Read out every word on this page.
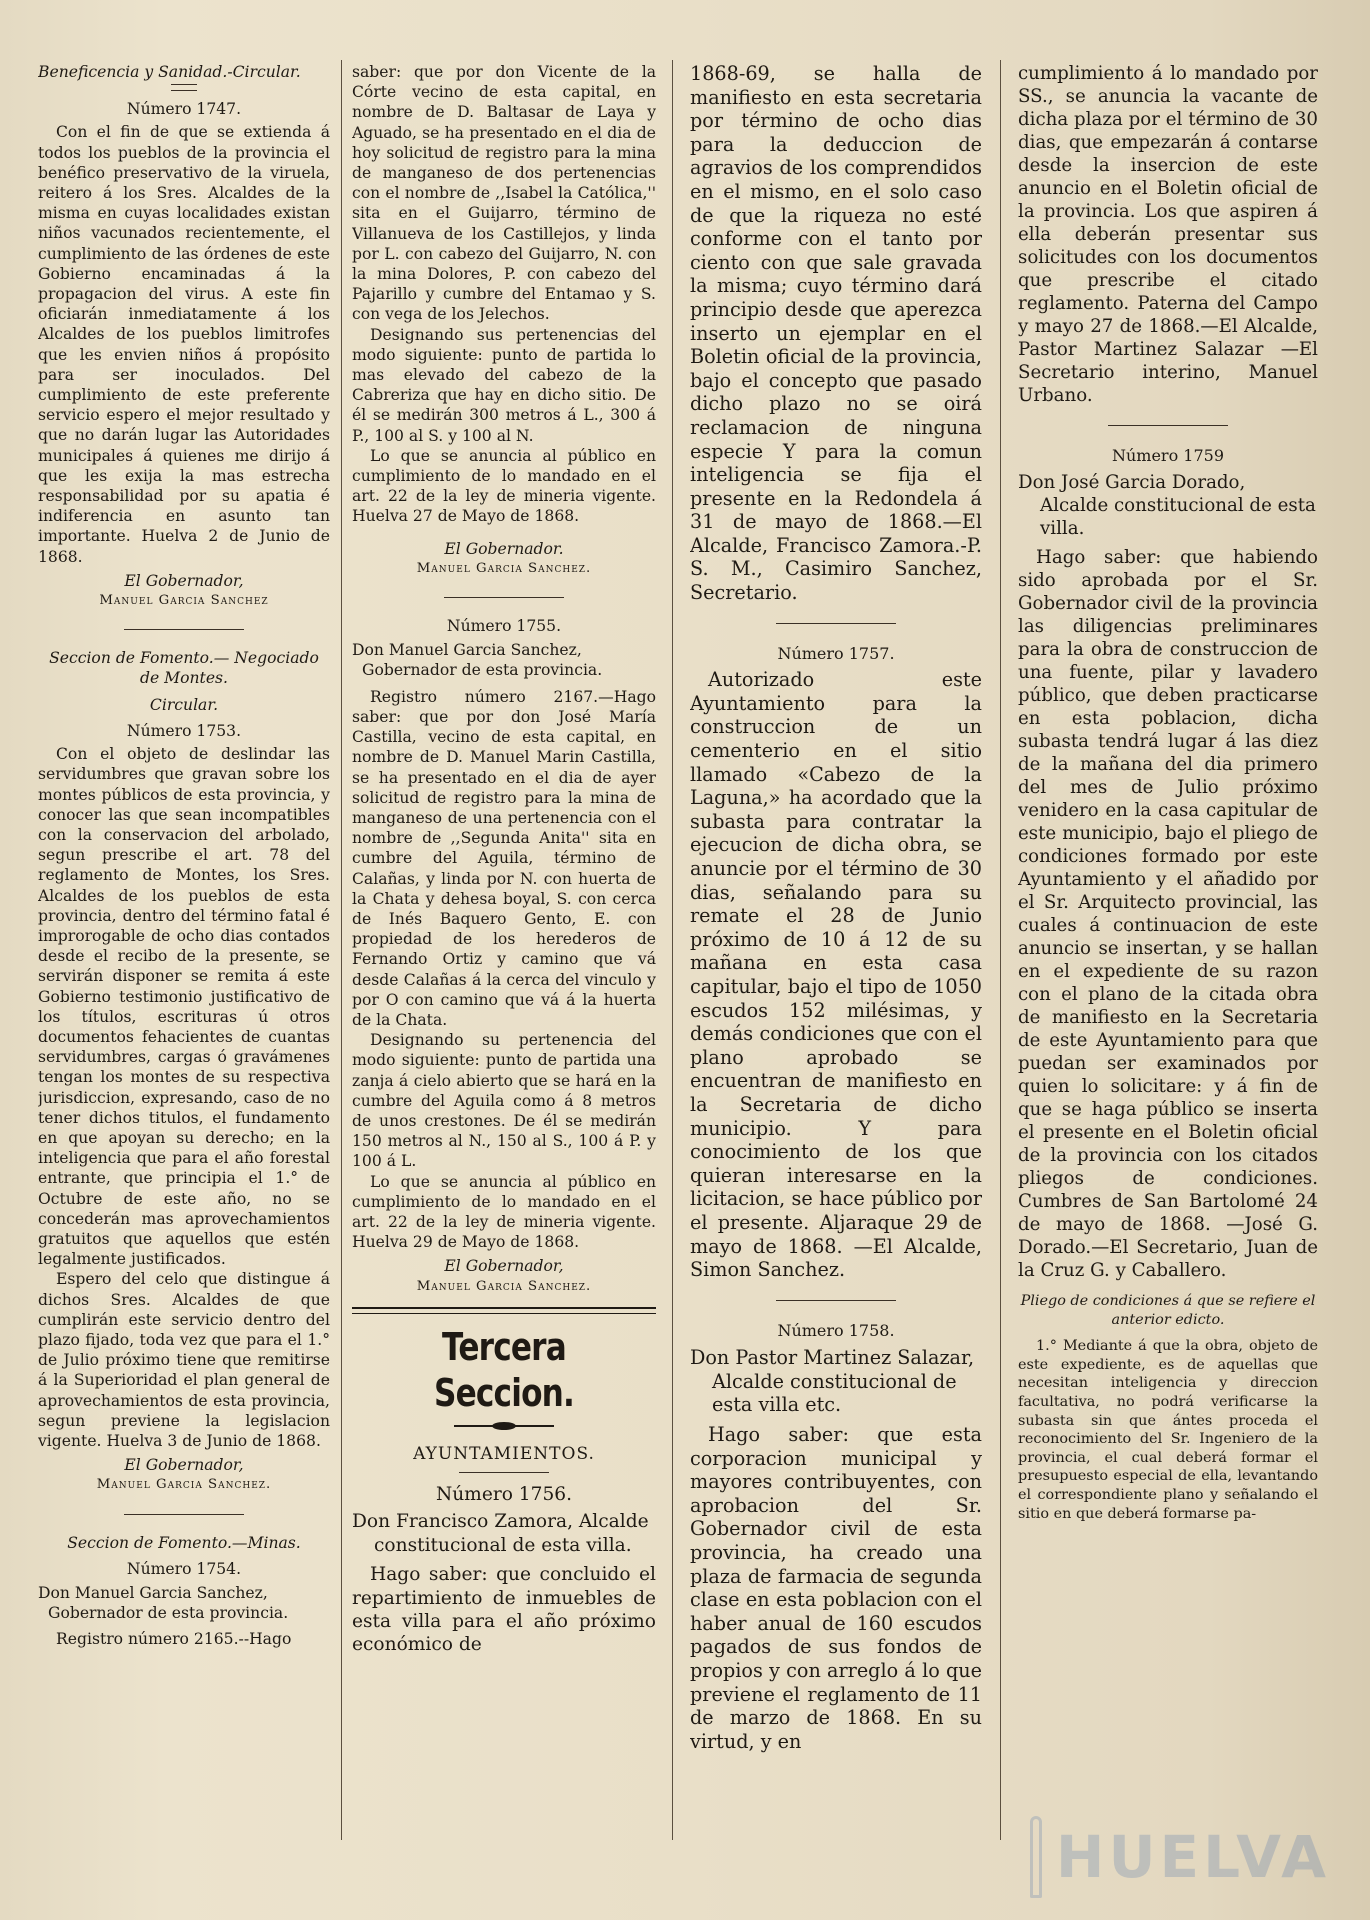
Beneficencia y Sanidad.-Circular.

Número 1747.

Con el fin de que se extienda á todos los pueblos de la provincia el benéfico preservativo de la viruela, reitero á los Sres. Alcaldes de la misma en cuyas localidades existan niños vacunados recientemente, el cumplimiento de las órdenes de este Gobierno encaminadas á la propagacion del virus. A este fin oficiarán inmediatamente á los Alcaldes de los pueblos limitrofes que les envien niños á propósito para ser inoculados. Del cumplimiento de este preferente servicio espero el mejor resultado y que no darán lugar las Autoridades municipales á quienes me dirijo á que les exija la mas estrecha responsabilidad por su apatia é indiferencia en asunto tan importante. Huelva 2 de Junio de 1868.

El Gobernador,

Manuel Garcia Sanchez

Seccion de Fomento.— Negociado de Montes.

Circular.

Número 1753.

Con el objeto de deslindar las servidumbres que gravan sobre los montes públicos de esta provincia, y conocer las que sean incompatibles con la conservacion del arbolado, segun prescribe el art. 78 del reglamento de Montes, los Sres. Alcaldes de los pueblos de esta provincia, dentro del término fatal é improrogable de ocho dias contados desde el recibo de la presente, se servirán disponer se remita á este Gobierno testimonio justificativo de los títulos, escrituras ú otros documentos fehacientes de cuantas servidumbres, cargas ó gravámenes tengan los montes de su respectiva jurisdiccion, expresando, caso de no tener dichos titulos, el fundamento en que apoyan su derecho; en la inteligencia que para el año forestal entrante, que principia el 1.° de Octubre de este año, no se concederán mas aprovechamientos gratuitos que aquellos que estén legalmente justificados.

Espero del celo que distingue á dichos Sres. Alcaldes de que cumplirán este servicio dentro del plazo fijado, toda vez que para el 1.° de Julio próximo tiene que remitirse á la Superioridad el plan general de aprovechamientos de esta provincia, segun previene la legislacion vigente. Huelva 3 de Junio de 1868.

El Gobernador,

Manuel Garcia Sanchez.

Seccion de Fomento.—Minas.

Número 1754.

Don Manuel Garcia Sanchez, Gobernador de esta provincia.

Registro número 2165.--Hago

saber: que por don Vicente de la Córte vecino de esta capital, en nombre de D. Baltasar de Laya y Aguado, se ha presentado en el dia de hoy solicitud de registro para la mina de manganeso de dos pertenencias con el nombre de ,,Isabel la Católica,'' sita en el Guijarro, término de Villanueva de los Castillejos, y linda por L. con cabezo del Guijarro, N. con la mina Dolores, P. con cabezo del Pajarillo y cumbre del Entamao y S. con vega de los Jelechos.

Designando sus pertenencias del modo siguiente: punto de partida lo mas elevado del cabezo de la Cabreriza que hay en dicho sitio. De él se medirán 300 metros á L., 300 á P., 100 al S. y 100 al N.

Lo que se anuncia al público en cumplimiento de lo mandado en el art. 22 de la ley de mineria vigente. Huelva 27 de Mayo de 1868.

El Gobernador.

Manuel Garcia Sanchez.

Número 1755.

Don Manuel Garcia Sanchez, Gobernador de esta provincia.

Registro número 2167.—Hago saber: que por don José María Castilla, vecino de esta capital, en nombre de D. Manuel Marin Castilla, se ha presentado en el dia de ayer solicitud de registro para la mina de manganeso de una pertenencia con el nombre de ,,Segunda Anita'' sita en cumbre del Aguila, término de Calañas, y linda por N. con huerta de la Chata y dehesa boyal, S. con cerca de Inés Baquero Gento, E. con propiedad de los herederos de Fernando Ortiz y camino que vá desde Calañas á la cerca del vinculo y por O con camino que vá á la huerta de la Chata.

Designando su pertenencia del modo siguiente: punto de partida una zanja á cielo abierto que se hará en la cumbre del Aguila como á 8 metros de unos crestones. De él se medirán 150 metros al N., 150 al S., 100 á P. y 100 á L.

Lo que se anuncia al público en cumplimiento de lo mandado en el art. 22 de la ley de mineria vigente. Huelva 29 de Mayo de 1868.

El Gobernador,

Manuel Garcia Sanchez.

Tercera Seccion.

AYUNTAMIENTOS.

Número 1756.

Don Francisco Zamora, Alcalde constitucional de esta villa.

Hago saber: que concluido el repartimiento de inmuebles de esta villa para el año próximo económico de

1868-69, se halla de manifiesto en esta secretaria por término de ocho dias para la deduccion de agravios de los comprendidos en el mismo, en el solo caso de que la riqueza no esté conforme con el tanto por ciento con que sale gravada la misma; cuyo término dará principio desde que aperezca inserto un ejemplar en el Boletin oficial de la provincia, bajo el concepto que pasado dicho plazo no se oirá reclamacion de ninguna especie Y para la comun inteligencia se fija el presente en la Redondela á 31 de mayo de 1868.—El Alcalde, Francisco Zamora.-P. S. M., Casimiro Sanchez, Secretario.

Número 1757.

Autorizado este Ayuntamiento para la construccion de un cementerio en el sitio llamado «Cabezo de la Laguna,» ha acordado que la subasta para contratar la ejecucion de dicha obra, se anuncie por el término de 30 dias, señalando para su remate el 28 de Junio próximo de 10 á 12 de su mañana en esta casa capitular, bajo el tipo de 1050 escudos 152 milésimas, y demás condiciones que con el plano aprobado se encuentran de manifiesto en la Secretaria de dicho municipio. Y para conocimiento de los que quieran interesarse en la licitacion, se hace público por el presente. Aljaraque 29 de mayo de 1868. —El Alcalde, Simon Sanchez.

Número 1758.

Don Pastor Martinez Salazar, Alcalde constitucional de esta villa etc.

Hago saber: que esta corporacion municipal y mayores contribuyentes, con aprobacion del Sr. Gobernador civil de esta provincia, ha creado una plaza de farmacia de segunda clase en esta poblacion con el haber anual de 160 escudos pagados de sus fondos de propios y con arreglo á lo que previene el reglamento de 11 de marzo de 1868. En su virtud, y en

cumplimiento á lo mandado por SS., se anuncia la vacante de dicha plaza por el término de 30 dias, que empezarán á contarse desde la insercion de este anuncio en el Boletin oficial de la provincia. Los que aspiren á ella deberán presentar sus solicitudes con los documentos que prescribe el citado reglamento. Paterna del Campo y mayo 27 de 1868.—El Alcalde, Pastor Martinez Salazar —El Secretario interino, Manuel Urbano.

Número 1759

Don José Garcia Dorado, Alcalde constitucional de esta villa.

Hago saber: que habiendo sido aprobada por el Sr. Gobernador civil de la provincia las diligencias preliminares para la obra de construccion de una fuente, pilar y lavadero público, que deben practicarse en esta poblacion, dicha subasta tendrá lugar á las diez de la mañana del dia primero del mes de Julio próximo venidero en la casa capitular de este municipio, bajo el pliego de condiciones formado por este Ayuntamiento y el añadido por el Sr. Arquitecto provincial, las cuales á continuacion de este anuncio se insertan, y se hallan en el expediente de su razon con el plano de la citada obra de manifiesto en la Secretaria de este Ayuntamiento para que puedan ser examinados por quien lo solicitare: y á fin de que se haga público se inserta el presente en el Boletin oficial de la provincia con los citados pliegos de condiciones. Cumbres de San Bartolomé 24 de mayo de 1868. —José G. Dorado.—El Secretario, Juan de la Cruz G. y Caballero.

Pliego de condiciones á que se refiere el anterior edicto.

1.° Mediante á que la obra, objeto de este expediente, es de aquellas que necesitan inteligencia y direccion facultativa, no podrá verificarse la subasta sin que ántes proceda el reconocimiento del Sr. Ingeniero de la provincia, el cual deberá formar el presupuesto especial de ella, levantando el correspondiente plano y señalando el sitio en que deberá formarse pa-

HUELVA
